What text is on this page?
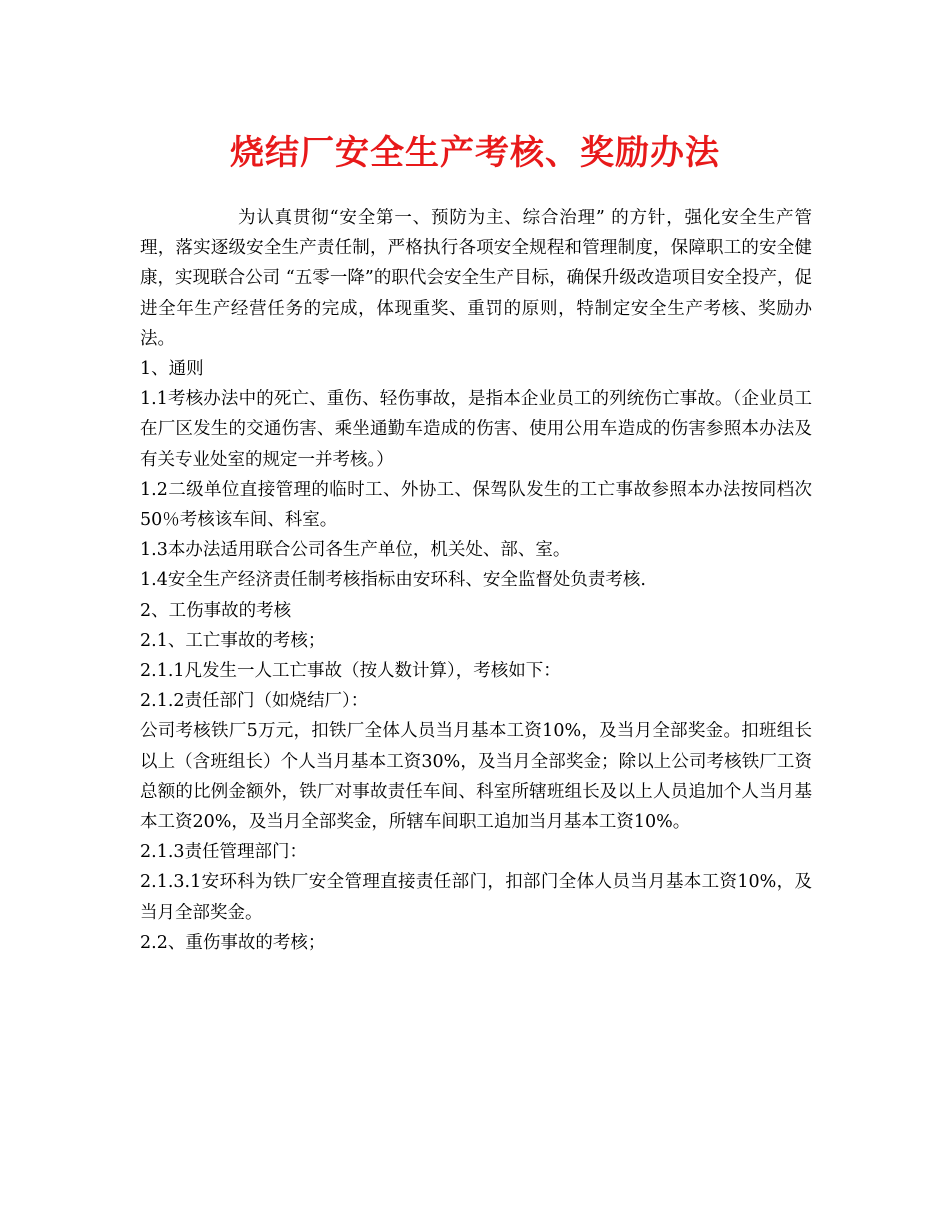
烧结厂安全生产考核、奖励办法

为认真贯彻“安全第一、预防为主、综合治理” 的方针，强化安全生产管理，落实逐级安全生产责任制，严格执行各项安全规程和管理制度，保障职工的安全健康，实现联合公司 “五零一降”的职代会安全生产目标，确保升级改造项目安全投产，促进全年生产经营任务的完成，体现重奖、重罚的原则，特制定安全生产考核、奖励办法。

1、通则

1.1考核办法中的死亡、重伤、轻伤事故，是指本企业员工的列统伤亡事故。（企业员工在厂区发生的交通伤害、乘坐通勤车造成的伤害、使用公用车造成的伤害参照本办法及有关专业处室的规定一并考核。）

1.2二级单位直接管理的临时工、外协工、保驾队发生的工亡事故参照本办法按同档次50％考核该车间、科室。

1.3本办法适用联合公司各生产单位，机关处、部、室。

1.4安全生产经济责任制考核指标由安环科、安全监督处负责考核.

2、工伤事故的考核

2.1、工亡事故的考核；

2.1.1凡发生一人工亡事故（按人数计算），考核如下：

2.1.2责任部门（如烧结厂）：

公司考核铁厂5万元，扣铁厂全体人员当月基本工资10%，及当月全部奖金。扣班组长以上（含班组长）个人当月基本工资30%，及当月全部奖金；除以上公司考核铁厂工资总额的比例金额外，铁厂对事故责任车间、科室所辖班组长及以上人员追加个人当月基本工资20%，及当月全部奖金，所辖车间职工追加当月基本工资10%。

2.1.3责任管理部门：

2.1.3.1安环科为铁厂安全管理直接责任部门，扣部门全体人员当月基本工资10%，及当月全部奖金。

2.2、重伤事故的考核；
